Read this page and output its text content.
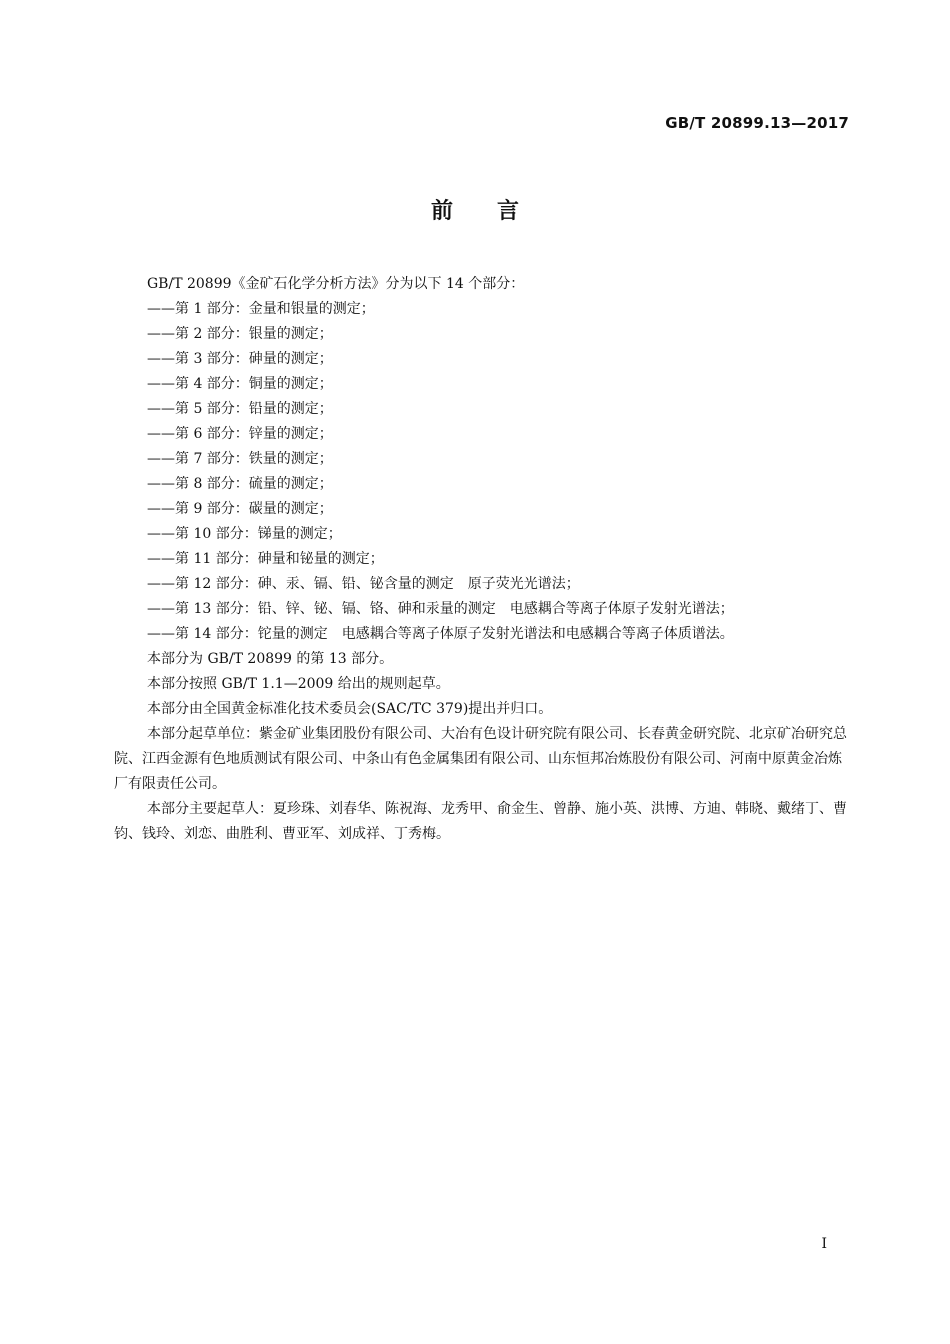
GB/T 20899.13—2017
前言

GB/T 20899《金矿石化学分析方法》分为以下 14 个部分：

——第 1 部分：金量和银量的测定；

——第 2 部分：银量的测定；

——第 3 部分：砷量的测定；

——第 4 部分：铜量的测定；

——第 5 部分：铅量的测定；

——第 6 部分：锌量的测定；

——第 7 部分：铁量的测定；

——第 8 部分：硫量的测定；

——第 9 部分：碳量的测定；

——第 10 部分：锑量的测定；

——第 11 部分：砷量和铋量的测定；

——第 12 部分：砷、汞、镉、铅、铋含量的测定　原子荧光光谱法；

——第 13 部分：铅、锌、铋、镉、铬、砷和汞量的测定　电感耦合等离子体原子发射光谱法；

——第 14 部分：铊量的测定　电感耦合等离子体原子发射光谱法和电感耦合等离子体质谱法。

本部分为 GB/T 20899 的第 13 部分。

本部分按照 GB/T 1.1—2009 给出的规则起草。

本部分由全国黄金标准化技术委员会(SAC/TC 379)提出并归口。

本部分起草单位：紫金矿业集团股份有限公司、大冶有色设计研究院有限公司、长春黄金研究院、北京矿冶研究总院、江西金源有色地质测试有限公司、中条山有色金属集团有限公司、山东恒邦冶炼股份有限公司、河南中原黄金冶炼厂有限责任公司。

本部分主要起草人：夏珍珠、刘春华、陈祝海、龙秀甲、俞金生、曾静、施小英、洪博、方迪、韩晓、戴绪丁、曹钧、钱玲、刘恋、曲胜利、曹亚军、刘成祥、丁秀梅。

I
